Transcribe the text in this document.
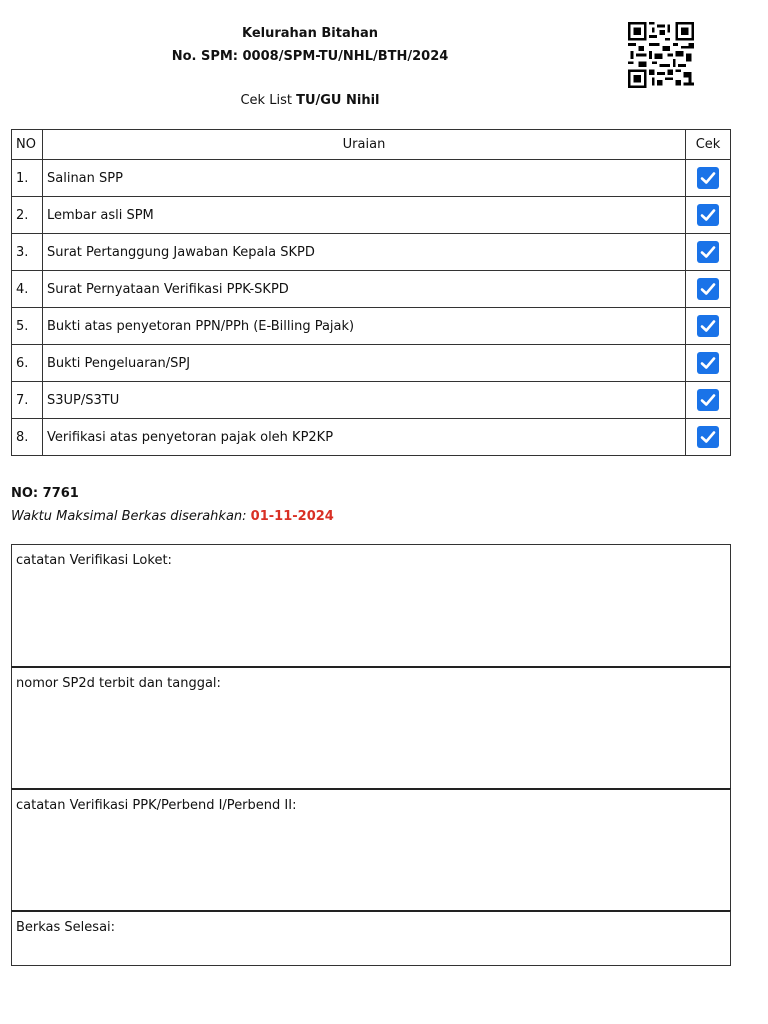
Kelurahan Bitahan
No. SPM: 0008/SPM-TU/NHL/BTH/2024
Cek List TU/GU Nihil
NO	Uraian	Cek
1.	Salinan SPP	

2.	Lembar asli SPM	

3.	Surat Pertanggung Jawaban Kepala SKPD	

4.	Surat Pernyataan Verifikasi PPK-SKPD	

5.	Bukti atas penyetoran PPN/PPh (E-Billing Pajak)	

6.	Bukti Pengeluaran/SPJ	

7.	S3UP/S3TU	

8.	Verifikasi atas penyetoran pajak oleh KP2KP	
NO: 7761
Waktu Maksimal Berkas diserahkan: 01-11-2024
catatan Verifikasi Loket:
nomor SP2d terbit dan tanggal:
catatan Verifikasi PPK/Perbend I/Perbend II:
Berkas Selesai:
